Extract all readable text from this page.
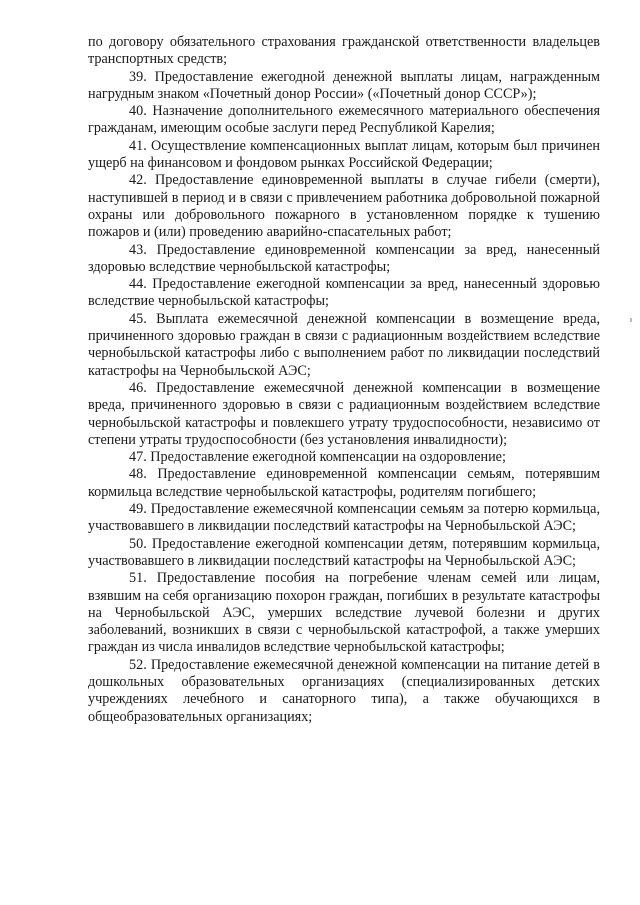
по договору обязательного страхования гражданской ответственности владельцев транспортных средств;

39. Предоставление ежегодной денежной выплаты лицам, награжденным нагрудным знаком «Почетный донор России» («Почетный донор СССР»);

40. Назначение дополнительного ежемесячного материального обеспечения гражданам, имеющим особые заслуги перед Республикой Карелия;

41. Осуществление компенсационных выплат лицам, которым был причинен ущерб на финансовом и фондовом рынках Российской Федерации;

42. Предоставление единовременной выплаты в случае гибели (смерти), наступившей в период и в связи с привлечением работника добровольной пожарной охраны или добровольного пожарного в установленном порядке к тушению пожаров и (или) проведению аварийно-спасательных работ;

43. Предоставление единовременной компенсации за вред, нанесенный здоровью вследствие чернобыльской катастрофы;

44. Предоставление ежегодной компенсации за вред, нанесенный здоровью вследствие чернобыльской катастрофы;

45. Выплата ежемесячной денежной компенсации в возмещение вреда, причиненного здоровью граждан в связи с радиационным воздействием вследствие чернобыльской катастрофы либо с выполнением работ по ликвидации последствий катастрофы на Чернобыльской АЭС;

46. Предоставление ежемесячной денежной компенсации в возмещение вреда, причиненного здоровью в связи с радиационным воздействием вследствие чернобыльской катастрофы и повлекшего утрату трудоспособности, независимо от степени утраты трудоспособности (без установления инвалидности);

47. Предоставление ежегодной компенсации на оздоровление;

48. Предоставление единовременной компенсации семьям, потерявшим кормильца вследствие чернобыльской катастрофы, родителям погибшего;

49. Предоставление ежемесячной компенсации семьям за потерю кормильца, участвовавшего в ликвидации последствий катастрофы на Чернобыльской АЭС;

50. Предоставление ежегодной компенсации детям, потерявшим кормильца, участвовавшего в ликвидации последствий катастрофы на Чернобыльской АЭС;

51. Предоставление пособия на погребение членам семей или лицам, взявшим на себя организацию похорон граждан, погибших в результате катастрофы на Чернобыльской АЭС, умерших вследствие лучевой болезни и других заболеваний, возникших в связи с чернобыльской катастрофой, а также умерших граждан из числа инвалидов вследствие чернобыльской катастрофы;

52. Предоставление ежемесячной денежной компенсации на питание детей в дошкольных образовательных организациях (специализированных детских учреждениях лечебного и санаторного типа), а также обучающихся в общеобразовательных организациях;
